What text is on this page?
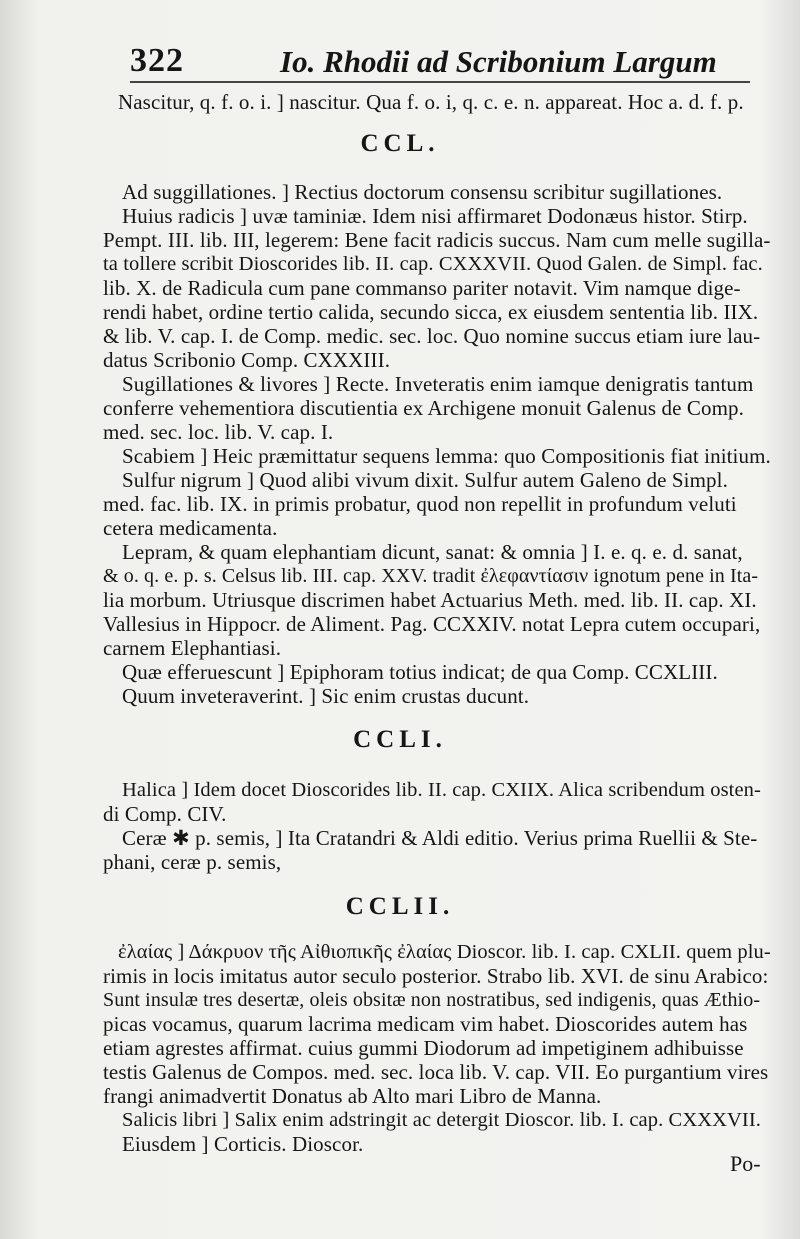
322	Io. Rhodii ad Scribonium Largum
Nascitur, q. f. o. i. ] nascitur. Qua f. o. i, q. c. e. n. appareat. Hoc a. d. f. p.
CCL.
Ad suggillationes. ] Rectius doctorum consensu scribitur sugillationes.
Huius radicis ] uvæ taminiæ. Idem nisi affirmaret Dodonæus histor. Stirp.
Pempt. III. lib. III, legerem: Bene facit radicis succus. Nam cum melle sugilla-
ta tollere scribit Dioscorides lib. II. cap. CXXXVII. Quod Galen. de Simpl. fac.
lib. X. de Radicula cum pane commanso pariter notavit. Vim namque dige-
rendi habet, ordine tertio calida, secundo sicca, ex eiusdem sententia lib. IIX.
& lib. V. cap. I. de Comp. medic. sec. loc. Quo nomine succus etiam iure lau-
datus Scribonio Comp. CXXXIII.
Sugillationes & livores ] Recte. Inveteratis enim iamque denigratis tantum
conferre vehementiora discutientia ex Archigene monuit Galenus de Comp.
med. sec. loc. lib. V. cap. I.
Scabiem ] Heic præmittatur sequens lemma: quo Compositionis fiat initium.
Sulfur nigrum ] Quod alibi vivum dixit. Sulfur autem Galeno de Simpl.
med. fac. lib. IX. in primis probatur, quod non repellit in profundum veluti
cetera medicamenta.
Lepram, & quam elephantiam dicunt, sanat: & omnia ] I. e. q. e. d. sanat,
& o. q. e. p. s. Celsus lib. III. cap. XXV. tradit ἐλεφαντίασιν ignotum pene in Ita-
lia morbum. Utriusque discrimen habet Actuarius Meth. med. lib. II. cap. XI.
Vallesius in Hippocr. de Aliment. Pag. CCXXIV. notat Lepra cutem occupari,
carnem Elephantiasi.
Quæ efferuescunt ] Epiphoram totius indicat; de qua Comp. CCXLIII.
Quum inveteraverint. ] Sic enim crustas ducunt.
CCLI.
Halica ] Idem docet Dioscorides lib. II. cap. CXIIX. Alica scribendum osten-
di Comp. CIV.
Ceræ ✱ p. semis, ] Ita Cratandri & Aldi editio. Verius prima Ruellii & Ste-
phani, ceræ p. semis,
CCLII.
ἐλαίας ] Δάκρυον τῆς Αἰθιοπικῆς ἐλαίας Dioscor. lib. I. cap. CXLII. quem plu-
rimis in locis imitatus autor seculo posterior. Strabo lib. XVI. de sinu Arabico:
Sunt insulæ tres desertæ, oleis obsitæ non nostratibus, sed indigenis, quas Æthio-
picas vocamus, quarum lacrima medicam vim habet. Dioscorides autem has
etiam agrestes affirmat. cuius gummi Diodorum ad impetiginem adhibuisse
testis Galenus de Compos. med. sec. loca lib. V. cap. VII. Eo purgantium vires
frangi animadvertit Donatus ab Alto mari Libro de Manna.
Salicis libri ] Salix enim adstringit ac detergit Dioscor. lib. I. cap. CXXXVII.
Eiusdem ] Corticis. Dioscor.
Po-
